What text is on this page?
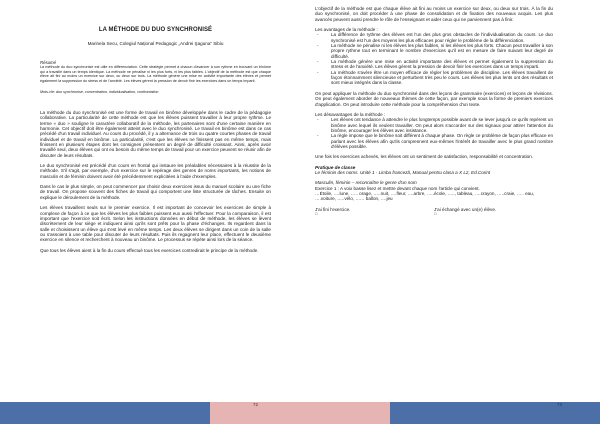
LA MÉTHODE DU DUO SYNCHRONISÉ
Marinela Secu, Colegiul Național Pedagogic „Andrei Şaguna” Sibiu
Résumé
La méthode du duo synchronisé est utile en différenciation. Cette stratégie permet à chacun d'avancer à son rythme en trouvant un binôme qui a travaillé dans un temps identique. La méthode ne pénalise ni les plus forts, ni les plus faibles. L'objectif de la méthode est que chaque élève ait fini au moins un exercice sur deux, ou deux sur trois. La méthode génère une mise en activité importante des élèves et permet également la suppression du stress et de l'anxiété. Les élèves gèrent la pression de devoir finir les exercices dans un temps imparti.
Mots-clé: duo synchronisé, concentration, individualisation, confrontation

La méthode du duo synchronisé est une forme de travail en binôme développée dans le cadre de la pédagogie collaborative. La particularité de cette méthode est que les élèves puissent travailler à leur propre rythme. Le terme « duo » souligne le caractère collaboratif de la méthode, les partenaires sont d'une certaine manière en harmonie. Cet objectif doit être également atteint avec le duo synchronisé. Le travail en binôme est dans ce cas précédé d'un travail individuel. Au cours du procédé, il y a alternance de trois ou quatre courtes phases de travail individuel et de travail en binôme. La particularité, c'est que les élèves ne finissent pas en même temps, mais finissent en plusieurs étapes dont les consignes présentent un degré de difficulté croissant. Ainsi, après avoir travaillé seul, deux élèves qui ont eu besoin du même temps de travail pour un exercice peuvent se réunir afin de discuter de leurs résultats.

Le duo synchronisé est précédé d'un cours en frontal qui instaure les préalables nécessaires à la réussite de la méthode. S'il s'agit, par exemple, d'un exercice sur le repérage des genres de noms importants, les notions de masculin et de féminin doivent avoir été précédemment explicitées à l'aide d'exemples.

Dans le cas le plus simple, on peut commencer par choisir deux exercices issus du manuel scolaire ou une fiche de travail. On propose souvent des fiches de travail qui comportent une liste structurée de tâches. Ensuite on explique le déroulement de la méthode.

Les élèves travaillent seuls sur le premier exercice. Il est important de concevoir les exercices de simple à complexe de façon à ce que les élèves les plus faibles puissent eux aussi l'effectuer. Pour la comparaison, il est important que l'exercice soit écrit. Selon les instructions données en début de méthode, les élèves se lèvent discrètement de leur siège et indiquent ainsi qu'ils sont prêts pour la phase d'échanges. Ils regardent dans la salle et choisissent un élève qui s'est levé en même temps. Les deux élèves se dirigent dans un coin de la salle ou s'assoient à une table pour discuter de leurs résultats. Puis ils regagnent leur place, effectuent le deuxième exercice en silence et recherchent à nouveau un binôme. Le processus se répète ainsi lors de la séance.

Que tous les élèves aient à la fin du cours effectué tous les exercices contredirait le principe de la méthode.

72

L'objectif de la méthode est que chaque élève ait fini au moins un exercice sur deux, ou deux sur trois. À la fin du duo synchronisé, on doit procéder à une phase de consolidation et de fixation des nouveaux acquis. Les plus avancés peuvent aussi prendre le rôle de l'enseignant et aider ceux qui ne parviennent pas à finir.

Les avantages de la méthode :
- La différence de rythme des élèves est l'un des plus gros obstacles de l'individualisation du cours. Le duo synchronisé est l'un des moyens les plus efficaces pour régler le problème de la différenciation.
- La méthode ne pénalise ni les élèves les plus faibles, ni les élèves les plus forts. Chacun peut travailler à son propre rythme tout en terminant le nombre d'exercices qu'il est en mesure de faire suivant leur degré de difficulté.
- La méthode génère une mise en activité importante des élèves et permet également la suppression du stress et de l'anxiété. Les élèves gèrent la pression de devoir finir les exercices dans un temps imparti.
- La méthode s'avère être un moyen efficace de régler les problèmes de discipline. Les élèves travaillent de façon étonnamment silencieuse et perturbent très peu le cours. Les élèves les plus lents ont des résultats et sont mieux intégrés dans la classe.

On peut appliquer la méthode du duo synchronisé dans des leçons de grammaire (exercices) et leçons de révisions. On peut également aborder de nouveaux thèmes de cette façon, par exemple sous la forme de premiers exercices d'application. On peut introduire cette méthode pour la compréhension d'un texte.

Les désavantages de la méthode :
- Les élèves ont tendance à attendre le plus longtemps possible avant de se lever jusqu'à ce qu'ils repèrent un binôme avec lequel ils veulent travailler. On peut alors s'accorder sur des signaux pour attirer l'attention du binôme, encourager les élèves avec insistance.
- La règle impose que le binôme soit différent à chaque phase. On règle ce problème de façon plus efficace en parlant avec les élèves afin qu'ils comprennent eux-mêmes l'intérêt de travailler avec le plus grand nombre d'élèves possible.

Une fois les exercices achevés, les élèves ont un sentiment de satisfaction, responsabilité et concentration.

Pratique de classe
Le féminin des noms. Unité 1 - Limba franceză, Manual pentru clasa a X L2, Ed.Corint
Masculin, féminin – reconnaître le genre d'un nom
Exercice 1 : A voix basse lisez et mettre devant chaque nom l'article qui convient.
…Étoile, ….lune, ….. orage, …..nuit, ….fleur, ….arbre, …..école, ….., tableau, ….crayon, …..craie, ….. eau, ….voiture, …..vélo, …… ballon, ….jeu
J'ai fini l'exercice.	J'ai échangé avec un(e) élève.
□	□
73
